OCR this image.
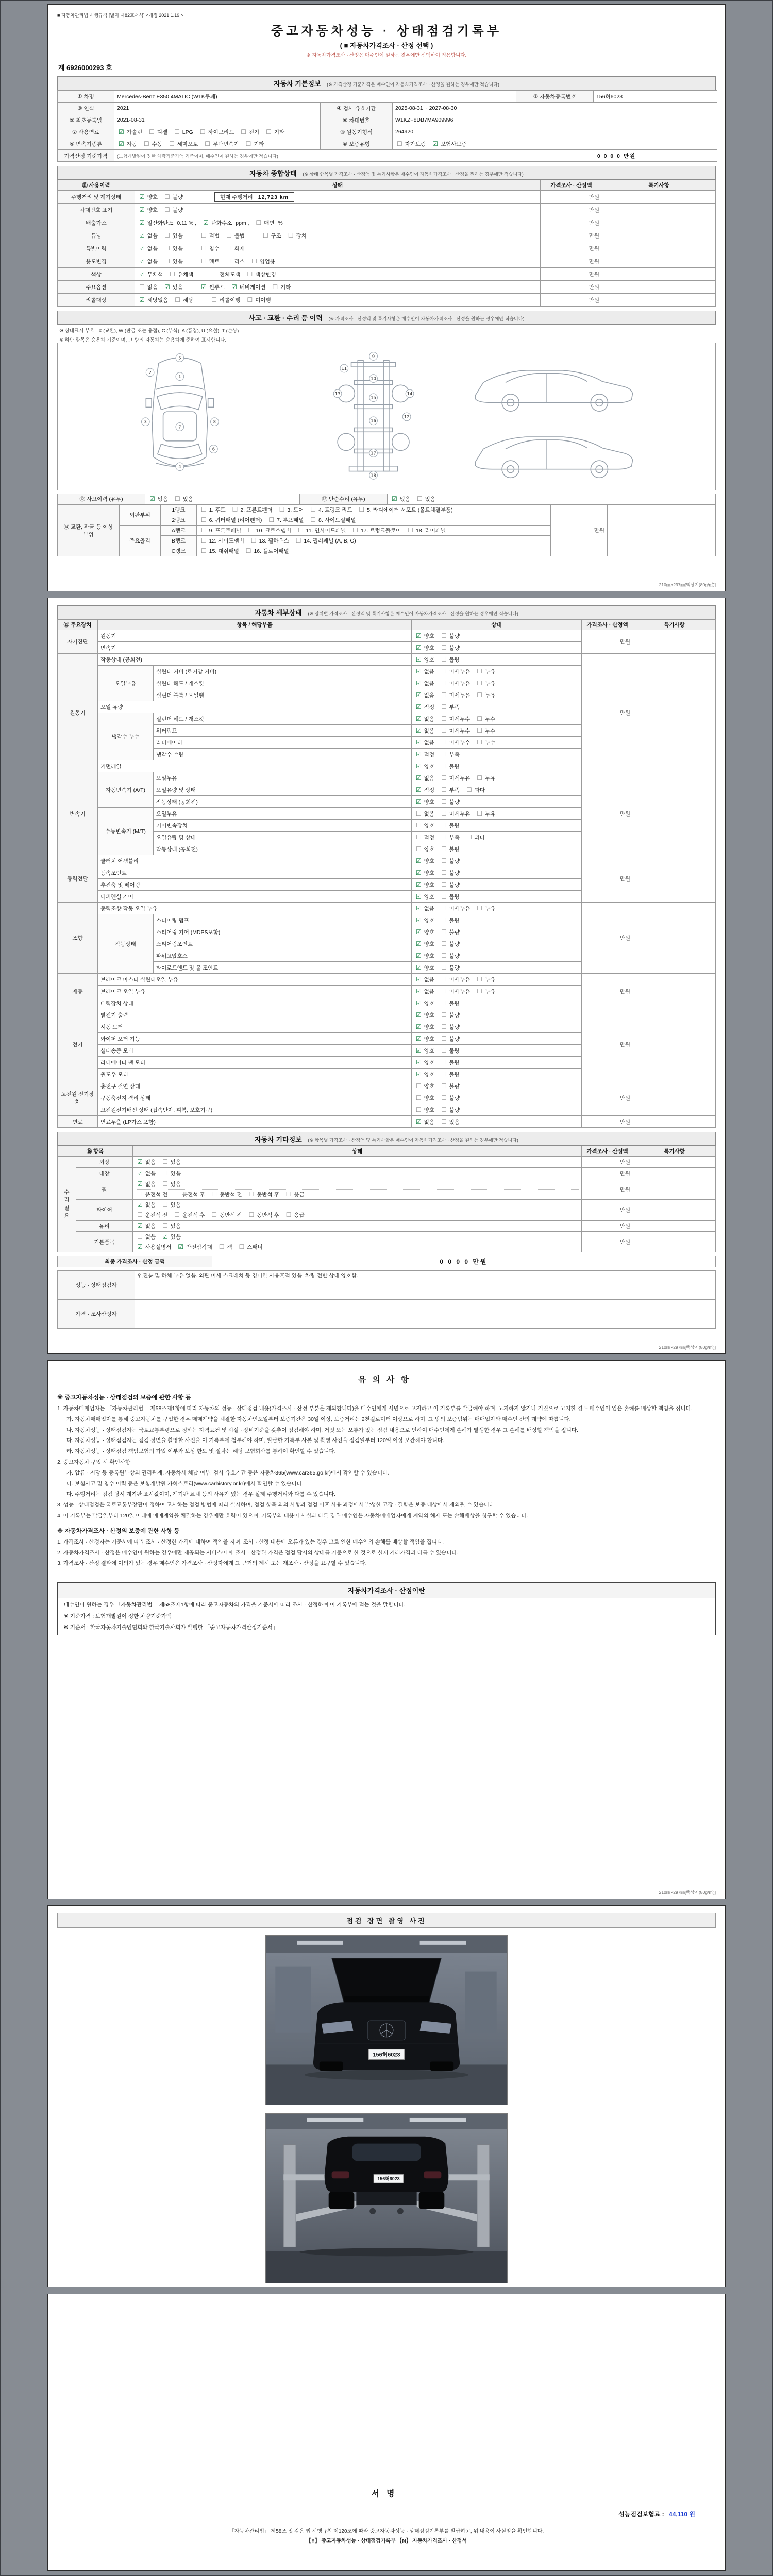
■ 자동차관리법 시행규칙 [별지 제82호서식] <개정 2021.1.19.>
중고자동차성능 · 상태점검기록부
( ■ 자동차가격조사 · 산정 선택 )
※ 자동차가격조사 · 산정은 매수인이 원하는 경우에만 선택하여 적용합니다.
제 6926000293 호
자동차 기본정보 (※ 가격산정 기준가격은 매수인이 자동차가격조사 · 산정을 원하는 경우에만 적습니다)
① 차명	Mercedes-Benz E350 4MATIC (W1K쿠페)			② 자동차등록번호	156허6023
③ 연식	2021	④ 검사 유효기간	2025-08-31 ~ 2027-08-30		
⑤ 최초등록일	2021-08-31	⑥ 차대번호	W1KZF8DB7MA909996		
⑦ 사용연료	☑ 가솔린 ☐ 디젤 ☐ LPG ☐ 하이브리드 ☐ 전기 ☐ 기타	⑧ 원동기형식	264920		
⑨ 변속기종류	☑ 자동 ☐ 수동 ☐ 세미오토 ☐ 무단변속기 ☐ 기타	⑩ 보증유형	☐ 자가보증 ☑ 보험사보증		
가격산정 기준가격	(보험개발원이 정한 차량기준가액 기준이며, 매수인이 원하는 경우에만 적습니다)			0 0 0 0 만원	
자동차 종합상태 (※ 상태 항목별 가격조사 · 산정액 및 특기사항은 매수인이 자동차가격조사 · 산정을 원하는 경우에만 적습니다)
⑪ 사용이력	상태	가격조사 · 산정액	특기사항
주행거리 및 계기상태	☑ 양호 ☐ 불량 현재 주행거리 12,723 km	만원	
차대번호 표기	☑ 양호 ☐ 불량	만원	
배출가스	☑ 일산화탄소 0.11 % , ☑ 탄화수소 ppm , ☐ 매연 %	만원	
튜닝	☑ 없음 ☐ 있음 ☐ 적법 ☐ 불법 ☐ 구조 ☐ 장치	만원	
특별이력	☑ 없음 ☐ 있음 ☐ 침수 ☐ 화재	만원	
용도변경	☑ 없음 ☐ 있음 ☐ 렌트 ☐ 리스 ☐ 영업용	만원	
색상	☑ 무채색 ☐ 유채색 ☐ 전체도색 ☐ 색상변경	만원	
주요옵션	☐ 없음 ☑ 있음 ☑ 썬루프 ☑ 네비게이션 ☐ 기타	만원	
리콜대상	☑ 해당없음 ☐ 해당 ☐ 리콜이행 ☐ 미이행	만원	
사고 · 교환 · 수리 등 이력 (※ 가격조사 · 산정액 및 특기사항은 매수인이 자동차가격조사 · 산정을 원하는 경우에만 적습니다)
※ 상태표시 부호 : X (교환), W (판금 또는 용접), C (부식), A (흠집), U (요철), T (손상)
※ 하단 항목은 승용차 기준이며, 그 밖의 자동차는 승용차에 준하여 표시합니다.
1
2
3
4
5
6
7
8
9
10
11
12
13	14
15
16
17
18
⑫ 사고이력 (유무)	☑ 없음 ☐ 있음	⑬ 단순수리 (유무)	☑ 없음 ☐ 있음
⑭ 교환, 판금 등 이상 부위	외판부위	1랭크	☐ 1. 후드 ☐ 2. 프론트펜더 ☐ 3. 도어 ☐ 4. 트렁크 리드 ☐ 5. 라디에이터 서포트 (볼트체결부품)	만원	
		2랭크	☐ 6. 쿼터패널 (리어펜더) ☐ 7. 루프패널 ☐ 8. 사이드실패널		
	주요골격	A랭크	☐ 9. 프론트패널 ☐ 10. 크로스멤버 ☐ 11. 인사이드패널 ☐ 17. 트렁크플로어 ☐ 18. 리어패널		
		B랭크	☐ 12. 사이드멤버 ☐ 13. 휠하우스 ☐ 14. 필러패널 (A, B, C)		
		C랭크	☐ 15. 대쉬패널 ☐ 16. 플로어패널		
210㎜×297㎜[백상지(80g/㎡)]
자동차 세부상태 (※ 장치별 가격조사 · 산정액 및 특기사항은 매수인이 자동차가격조사 · 산정을 원하는 경우에만 적습니다)
⑮ 주요장치	항목 / 해당부품		상태	가격조사 · 산정액	특기사항
자기진단	원동기		☑ 양호 ☐ 불량	만원	
	변속기		☑ 양호 ☐ 불량		
원동기	작동상태 (공회전)		☑ 양호 ☐ 불량	만원	
	오일누유	실린더 커버 (로커암 커버)	☑ 없음 ☐ 미세누유 ☐ 누유		
		실린더 헤드 / 개스킷	☑ 없음 ☐ 미세누유 ☐ 누유		
		실린더 블록 / 오일팬	☑ 없음 ☐ 미세누유 ☐ 누유		
	오일 유량		☑ 적정 ☐ 부족		
	냉각수 누수	실린더 헤드 / 개스킷	☑ 없음 ☐ 미세누수 ☐ 누수		
		워터펌프	☑ 없음 ☐ 미세누수 ☐ 누수		
		라디에이터	☑ 없음 ☐ 미세누수 ☐ 누수		
		냉각수 수량	☑ 적정 ☐ 부족		
	커먼레일		☑ 양호 ☐ 불량		
변속기	자동변속기 (A/T)	오일누유	☑ 없음 ☐ 미세누유 ☐ 누유	만원	
		오일유량 및 상태	☑ 적정 ☐ 부족 ☐ 과다		
		작동상태 (공회전)	☑ 양호 ☐ 불량		
	수동변속기 (M/T)	오일누유	☐ 없음 ☐ 미세누유 ☐ 누유		
		기어변속장치	☐ 양호 ☐ 불량		
		오일유량 및 상태	☐ 적정 ☐ 부족 ☐ 과다		
		작동상태 (공회전)	☐ 양호 ☐ 불량		
동력전달	클러치 어셈블리		☑ 양호 ☐ 불량	만원	
	등속조인트		☑ 양호 ☐ 불량		
	추진축 및 베어링		☑ 양호 ☐ 불량		
	디퍼렌셜 기어		☑ 양호 ☐ 불량		
조향	동력조향 작동 오일 누유		☑ 없음 ☐ 미세누유 ☐ 누유	만원	
	작동상태	스티어링 펌프	☑ 양호 ☐ 불량		
		스티어링 기어 (MDPS포함)	☑ 양호 ☐ 불량		
		스티어링조인트	☑ 양호 ☐ 불량		
		파워고압호스	☑ 양호 ☐ 불량		
		타이로드엔드 및 볼 조인트	☑ 양호 ☐ 불량		
제동	브레이크 마스터 실린더오일 누유		☑ 없음 ☐ 미세누유 ☐ 누유	만원	
	브레이크 오일 누유		☑ 없음 ☐ 미세누유 ☐ 누유		
	배력장치 상태		☑ 양호 ☐ 불량		
전기	발전기 출력		☑ 양호 ☐ 불량	만원	
	시동 모터		☑ 양호 ☐ 불량		
	와이퍼 모터 기능		☑ 양호 ☐ 불량		
	실내송풍 모터		☑ 양호 ☐ 불량		
	라디에이터 팬 모터		☑ 양호 ☐ 불량		
	윈도우 모터		☑ 양호 ☐ 불량		
고전원 전기장치	충전구 절연 상태		☐ 양호 ☐ 불량	만원	
	구동축전지 격리 상태		☐ 양호 ☐ 불량		
	고전원전기배선 상태 (접속단자, 피복, 보호기구)		☐ 양호 ☐ 불량		
연료	연료누출 (LP가스 포함)		☑ 없음 ☐ 있음	만원	
자동차 기타정보 (※ 항목별 가격조사 · 산정액 및 특기사항은 매수인이 자동차가격조사 · 산정을 원하는 경우에만 적습니다)
⑯ 항목		상태	가격조사 · 산정액	특기사항
수리필요	외장	☑ 없음 ☐ 있음	만원	
	내장	☑ 없음 ☐ 있음	만원	
	휠	☑ 없음 ☐ 있음
☐ 운전석 전 ☐ 운전석 후 ☐ 동반석 전 ☐ 동반석 후 ☐ 응급	만원	
	타이어	☑ 없음 ☐ 있음
☐ 운전석 전 ☐ 운전석 후 ☐ 동반석 전 ☐ 동반석 후 ☐ 응급	만원	
	유리	☑ 없음 ☐ 있음	만원	
	기본품목	☐ 없음 ☑ 있음
☑ 사용설명서 ☑ 안전삼각대 ☐ 잭 ☐ 스패너	만원	
최종 가격조사 · 산정 금액	0 0 0 0 만원
성능 · 상태점검자	엔진룸 및 하체 누유 없음. 외판 미세 스크래치 등 경미한 사용흔적 있음. 차량 전반 상태 양호함.
가격 · 조사산정자	
210㎜×297㎜[백상지(80g/㎡)]
유의사항
※ 중고자동차성능 · 상태점검의 보증에 관한 사항 등

1. 자동차매매업자는 「자동차관리법」 제58조제1항에 따라 자동차의 성능 · 상태점검 내용(가격조사 · 산정 부분은 제외합니다)을 매수인에게 서면으로 고지하고 이 기록부를 발급해야 하며, 고지하지 않거나 거짓으로 고지한 경우 매수인이 입은 손해를 배상할 책임을 집니다.

가. 자동차매매업자를 통해 중고자동차를 구입한 경우 매매계약을 체결한 자동차인도일부터 보증기간은 30일 이상, 보증거리는 2천킬로미터 이상으로 하며, 그 밖의 보증범위는 매매업자와 매수인 간의 계약에 따릅니다.

나. 자동차성능 · 상태점검자는 국토교통부령으로 정하는 자격요건 및 시설 · 장비기준을 갖추어 점검해야 하며, 거짓 또는 오류가 있는 점검 내용으로 인하여 매수인에게 손해가 발생한 경우 그 손해를 배상할 책임을 집니다.

다. 자동차성능 · 상태점검자는 점검 장면을 촬영한 사진을 이 기록부에 첨부해야 하며, 발급한 기록부 사본 및 촬영 사진을 점검일부터 120일 이상 보관해야 합니다.

라. 자동차성능 · 상태점검 책임보험의 가입 여부와 보상 한도 및 절차는 해당 보험회사를 통하여 확인할 수 있습니다.

2. 중고자동차 구입 시 확인사항

가. 압류 · 저당 등 등록원부상의 권리관계, 자동차세 체납 여부, 검사 유효기간 등은 자동차365(www.car365.go.kr)에서 확인할 수 있습니다.

나. 보험사고 및 침수 이력 등은 보험개발원 카히스토리(www.carhistory.or.kr)에서 확인할 수 있습니다.

다. 주행거리는 점검 당시 계기판 표시값이며, 계기판 교체 등의 사유가 있는 경우 실제 주행거리와 다를 수 있습니다.

3. 성능 · 상태점검은 국토교통부장관이 정하여 고시하는 점검 방법에 따라 실시하며, 점검 항목 외의 사항과 점검 이후 사용 과정에서 발생한 고장 · 결함은 보증 대상에서 제외될 수 있습니다.

4. 이 기록부는 발급일부터 120일 이내에 매매계약을 체결하는 경우에만 효력이 있으며, 기록부의 내용이 사실과 다른 경우 매수인은 자동차매매업자에게 계약의 해제 또는 손해배상을 청구할 수 있습니다.

※ 자동차가격조사 · 산정의 보증에 관한 사항 등

1. 가격조사 · 산정자는 기준서에 따라 조사 · 산정한 가격에 대하여 책임을 지며, 조사 · 산정 내용에 오류가 있는 경우 그로 인한 매수인의 손해를 배상할 책임을 집니다.

2. 자동차가격조사 · 산정은 매수인이 원하는 경우에만 제공되는 서비스이며, 조사 · 산정된 가격은 점검 당시의 상태를 기준으로 한 것으로 실제 거래가격과 다를 수 있습니다.

3. 가격조사 · 산정 결과에 이의가 있는 경우 매수인은 가격조사 · 산정자에게 그 근거의 제시 또는 재조사 · 산정을 요구할 수 있습니다.

자동차가격조사 · 산정이란

매수인이 원하는 경우 「자동차관리법」 제58조제1항에 따라 중고자동차의 가격을 기준서에 따라 조사 · 산정하여 이 기록부에 적는 것을 말합니다.

※ 기준가격 : 보험개발원이 정한 차량기준가액

※ 기준서 : 한국자동차기술인협회와 한국기술사회가 발행한 「중고자동차가격산정기준서」

210㎜×297㎜[백상지(80g/㎡)]
점검 장면 촬영 사진
156허6023
156허6023
서명
성능점검보험료 : 44,110 원

「자동차관리법」 제58조 및 같은 법 시행규칙 제120조에 따라 중고자동차성능 · 상태점검기록부를 발급하고, 위 내용이 사실임을 확인합니다.

【Y】 중고자동차성능 · 상태점검기록부 【N】 자동차가격조사 · 산정서
